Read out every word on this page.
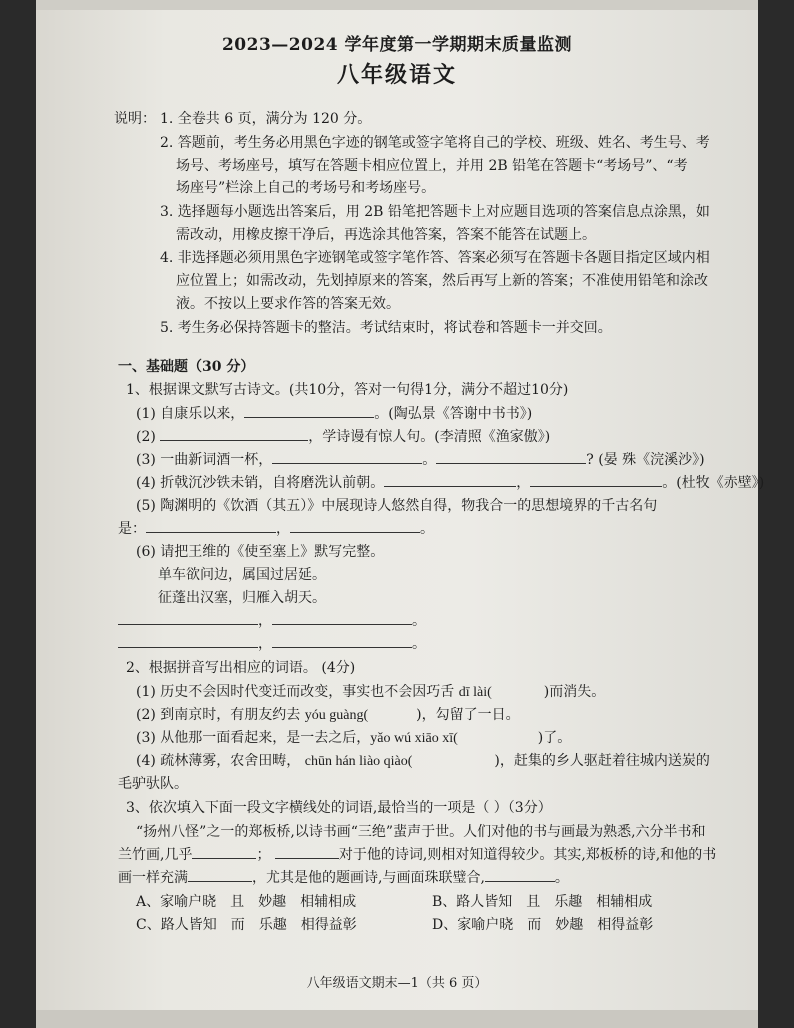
2023—2024 学年度第一学期期末质量监测
八年级语文
说明： 1. 全卷共 6 页，满分为 120 分。
2. 答题前，考生务必用黑色字迹的钢笔或签字笔将自己的学校、班级、姓名、考生号、考
场号、考场座号，填写在答题卡相应位置上，并用 2B 铅笔在答题卡“考场号”、“考
场座号”栏涂上自己的考场号和考场座号。
3. 选择题每小题选出答案后，用 2B 铅笔把答题卡上对应题目选项的答案信息点涂黑，如
需改动，用橡皮擦干净后，再选涂其他答案，答案不能答在试题上。
4. 非选择题必须用黑色字迹钢笔或签字笔作答、答案必须写在答题卡各题目指定区域内相
应位置上；如需改动，先划掉原来的答案，然后再写上新的答案；不准使用铅笔和涂改
液。不按以上要求作答的答案无效。
5. 考生务必保持答题卡的整洁。考试结束时，将试卷和答题卡一并交回。
一、基础题（30 分）
1、根据课文默写古诗文。(共10分，答对一句得1分，满分不超过10分)
(1) 自康乐以来，	。(陶弘景《答谢中书书》)
(2)	，学诗谩有惊人句。(李清照《渔家傲》)
(3) 一曲新词酒一杯，	。	? (晏 殊《浣溪沙》)
(4) 折戟沉沙铁未销，自将磨洗认前朝。	，	。(杜牧《赤壁》)
(5) 陶渊明的《饮酒（其五）》中展现诗人悠然自得，物我合一的思想境界的千古名句
是：	，	。
(6) 请把王维的《使至塞上》默写完整。
单车欲问边，属国过居延。
征蓬出汉塞，归雁入胡天。
，	。
，	。
2、根据拼音写出相应的词语。 (4分)
(1) 历史不会因时代变迁而改变，事实也不会因巧舌 dī lài(	)而消失。
(2) 到南京时，有朋友约去 yóu guàng(	)，勾留了一日。
(3) 从他那一面看起来，是一去之后，yǎo wú xiāo xī(	)了。
(4) 疏林薄雾，农舍田畴， chūn hán liào qiào(	)，赶集的乡人驱赶着往城内送炭的
毛驴驮队。
3、依次填入下面一段文字横线处的词语,最恰当的一项是（ ）（3分）
“扬州八怪”之一的郑板桥,以诗书画“三绝”蜚声于世。人们对他的书与画最为熟悉,六分半书和
兰竹画,几乎	；	对于他的诗词,则相对知道得较少。其实,郑板桥的诗,和他的书
画一样充满	，尤其是他的题画诗,与画面珠联璧合,	。
A、家喻户晓 且 妙趣 相辅相成	B、路人皆知 且 乐趣 相辅相成
C、路人皆知 而 乐趣 相得益彰	D、家喻户晓 而 妙趣 相得益彰
八年级语文期末—1（共 6 页）
